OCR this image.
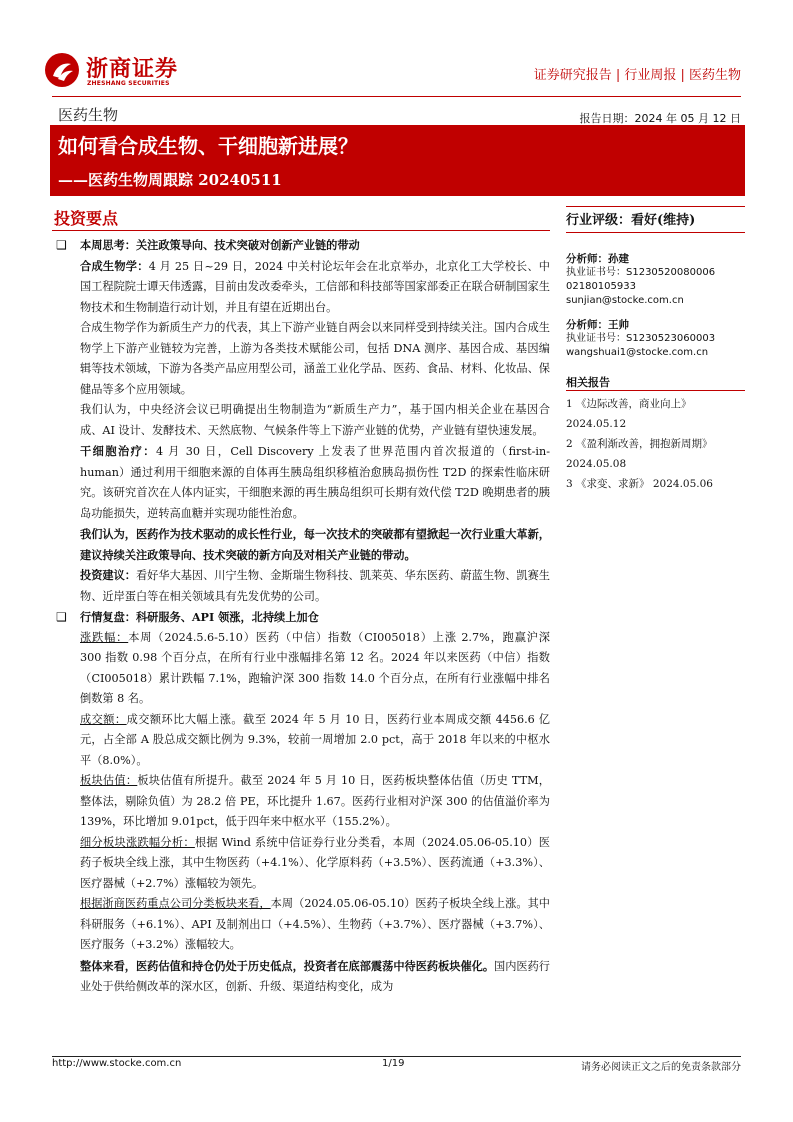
浙商证券
ZHESHANG SECURITIES
证券研究报告 | 行业周报 | 医药生物
医药生物	报告日期：2024 年 05 月 12 日
如何看合成生物、干细胞新进展？
——医药生物周跟踪 20240511
投资要点
❑	本周思考：关注政策导向、技术突破对创新产业链的带动

合成生物学：4 月 25 日~29 日，2024 中关村论坛年会在北京举办，北京化工大学校长、中国工程院院士谭天伟透露，目前由发改委牵头，工信部和科技部等国家部委正在联合研制国家生物技术和生物制造行动计划，并且有望在近期出台。

合成生物学作为新质生产力的代表，其上下游产业链自两会以来同样受到持续关注。国内合成生物学上下游产业链较为完善，上游为各类技术赋能公司，包括 DNA 测序、基因合成、基因编辑等技术领域，下游为各类产品应用型公司，涵盖工业化学品、医药、食品、材料、化妆品、保健品等多个应用领域。

我们认为，中央经济会议已明确提出生物制造为“新质生产力”，基于国内相关企业在基因合成、AI 设计、发酵技术、天然底物、气候条件等上下游产业链的优势，产业链有望快速发展。

干细胞治疗：4 月 30 日，Cell Discovery 上发表了世界范围内首次报道的（first-in-human）通过利用干细胞来源的自体再生胰岛组织移植治愈胰岛损伤性 T2D 的探索性临床研究。该研究首次在人体内证实，干细胞来源的再生胰岛组织可长期有效代偿 T2D 晚期患者的胰岛功能损失，逆转高血糖并实现功能性治愈。

我们认为，医药作为技术驱动的成长性行业，每一次技术的突破都有望掀起一次行业重大革新，建议持续关注政策导向、技术突破的新方向及对相关产业链的带动。

投资建议：看好华大基因、川宁生物、金斯瑞生物科技、凯莱英、华东医药、蔚蓝生物、凯赛生物、近岸蛋白等在相关领域具有先发优势的公司。

❑	行情复盘：科研服务、API 领涨，北持续上加仓

涨跌幅：本周（2024.5.6-5.10）医药（中信）指数（CI005018）上涨 2.7%，跑赢沪深 300 指数 0.98 个百分点，在所有行业中涨幅排名第 12 名。2024 年以来医药（中信）指数（CI005018）累计跌幅 7.1%，跑输沪深 300 指数 14.0 个百分点，在所有行业涨幅中排名倒数第 8 名。

成交额：成交额环比大幅上涨。截至 2024 年 5 月 10 日，医药行业本周成交额 4456.6 亿元，占全部 A 股总成交额比例为 9.3%，较前一周增加 2.0 pct，高于 2018 年以来的中枢水平（8.0%）。

板块估值：板块估值有所提升。截至 2024 年 5 月 10 日，医药板块整体估值（历史 TTM，整体法，剔除负值）为 28.2 倍 PE，环比提升 1.67。医药行业相对沪深 300 的估值溢价率为 139%，环比增加 9.01pct，低于四年来中枢水平（155.2%）。

细分板块涨跌幅分析：根据 Wind 系统中信证券行业分类看，本周（2024.05.06-05.10）医药子板块全线上涨，其中生物医药（+4.1%）、化学原料药（+3.5%）、医药流通（+3.3%）、医疗器械（+2.7%）涨幅较为领先。

根据浙商医药重点公司分类板块来看，本周（2024.05.06-05.10）医药子板块全线上涨。其中科研服务（+6.1%）、API 及制剂出口（+4.5%）、生物药（+3.7%）、医疗器械（+3.7%）、医疗服务（+3.2%）涨幅较大。

整体来看，医药估值和持仓仍处于历史低点，投资者在底部震荡中待医药板块催化。国内医药行业处于供给侧改革的深水区，创新、升级、渠道结构变化，成为

行业评级：看好(维持)
分析师：孙建
执业证书号：S1230520080006
02180105933
sunjian@stocke.com.cn
分析师：王帅
执业证书号：S1230523060003
wangshuai1@stocke.com.cn
相关报告
1 《边际改善，商业向上》
2024.05.12
2 《盈利渐改善，拥抱新周期》
2024.05.08
3 《求变、求新》 2024.05.06
http://www.stocke.com.cn	1/19	请务必阅读正文之后的免责条款部分
